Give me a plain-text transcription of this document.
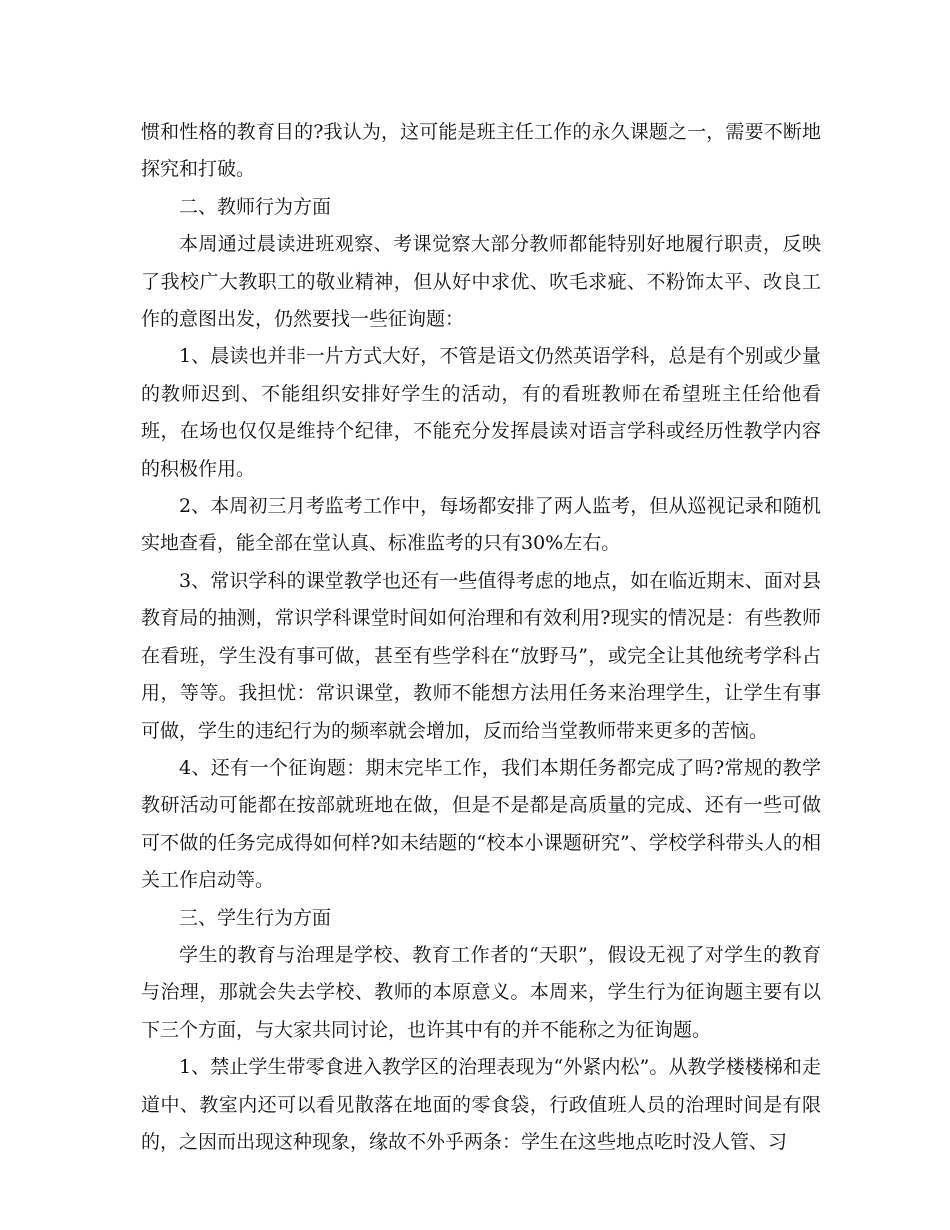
惯和性格的教育目的?我认为，这可能是班主任工作的永久课题之一，需要不断地探究和打破。

二、教师行为方面

本周通过晨读进班观察、考课觉察大部分教师都能特别好地履行职责，反映了我校广大教职工的敬业精神，但从好中求优、吹毛求疵、不粉饰太平、改良工作的意图出发，仍然要找一些征询题：

1、晨读也并非一片方式大好，不管是语文仍然英语学科，总是有个别或少量的教师迟到、不能组织安排好学生的活动，有的看班教师在希望班主任给他看班，在场也仅仅是维持个纪律，不能充分发挥晨读对语言学科或经历性教学内容的积极作用。

2、本周初三月考监考工作中，每场都安排了两人监考，但从巡视记录和随机实地查看，能全部在堂认真、标准监考的只有30%左右。

3、常识学科的课堂教学也还有一些值得考虑的地点，如在临近期末、面对县教育局的抽测，常识学科课堂时间如何治理和有效利用?现实的情况是：有些教师在看班，学生没有事可做，甚至有些学科在“放野马”，或完全让其他统考学科占用，等等。我担忧：常识课堂，教师不能想方法用任务来治理学生，让学生有事可做，学生的违纪行为的频率就会增加，反而给当堂教师带来更多的苦恼。

4、还有一个征询题：期末完毕工作，我们本期任务都完成了吗?常规的教学教研活动可能都在按部就班地在做，但是不是都是高质量的完成、还有一些可做可不做的任务完成得如何样?如未结题的“校本小课题研究”、学校学科带头人的相关工作启动等。

三、学生行为方面

学生的教育与治理是学校、教育工作者的“天职”，假设无视了对学生的教育与治理，那就会失去学校、教师的本原意义。本周来，学生行为征询题主要有以下三个方面，与大家共同讨论，也许其中有的并不能称之为征询题。

1、禁止学生带零食进入教学区的治理表现为“外紧内松”。从教学楼楼梯和走道中、教室内还可以看见散落在地面的零食袋，行政值班人员的治理时间是有限的，之因而出现这种现象，缘故不外乎两条：学生在这些地点吃时没人管、习
